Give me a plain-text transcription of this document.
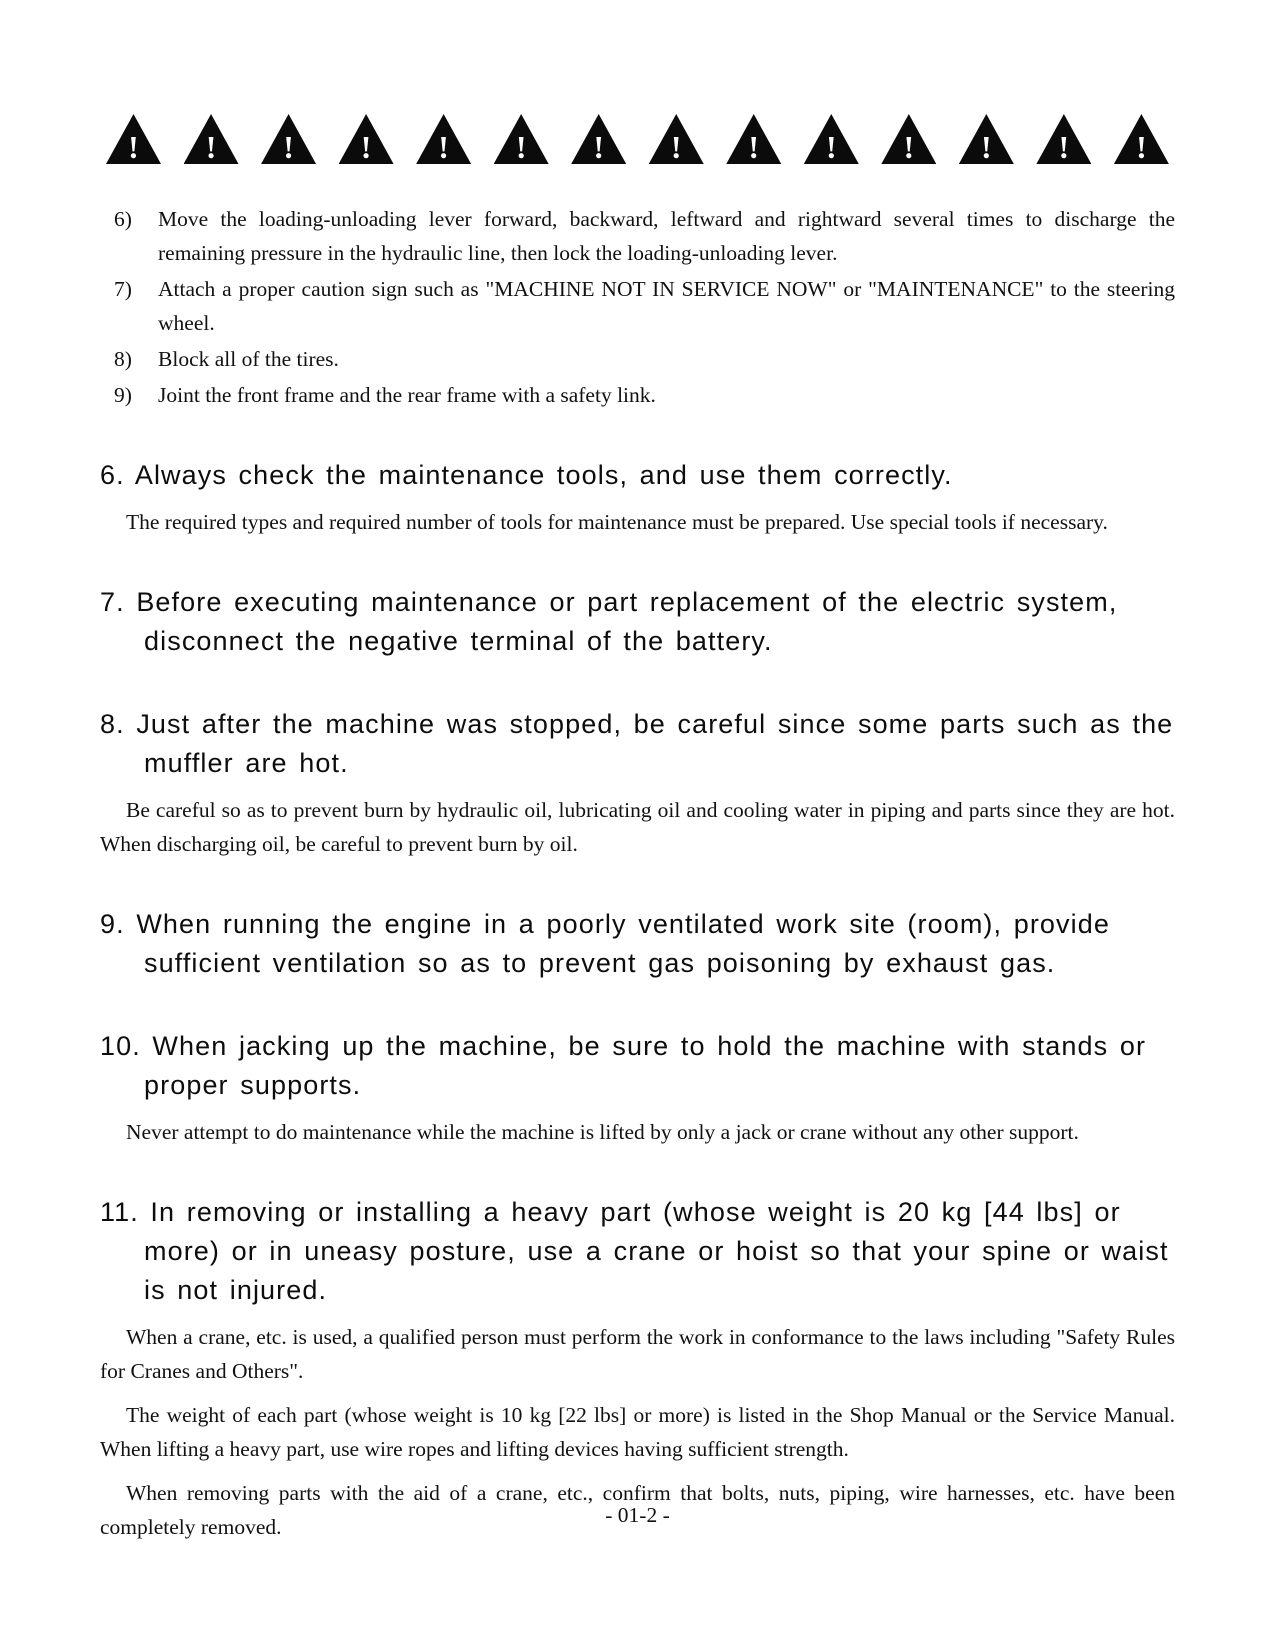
!
!
!
!
!
!
!
!
!
!
!
!
!
!
6) Move the loading-unloading lever forward, backward, leftward and rightward several times to discharge the remaining pressure in the hydraulic line, then lock the loading-unloading lever.
7) Attach a proper caution sign such as "MACHINE NOT IN SERVICE NOW" or "MAINTENANCE" to the steering wheel.
8) Block all of the tires.
9) Joint the front frame and the rear frame with a safety link.
6. Always check the maintenance tools, and use them correctly.

The required types and required number of tools for maintenance must be prepared. Use special tools if necessary.

7. Before executing maintenance or part replacement of the electric system, disconnect the negative terminal of the battery.
8. Just after the machine was stopped, be careful since some parts such as the muffler are hot.

Be careful so as to prevent burn by hydraulic oil, lubricating oil and cooling water in piping and parts since they are hot. When discharging oil, be careful to prevent burn by oil.

9. When running the engine in a poorly ventilated work site (room), provide sufficient ventilation so as to prevent gas poisoning by exhaust gas.
10. When jacking up the machine, be sure to hold the machine with stands or proper supports.

Never attempt to do maintenance while the machine is lifted by only a jack or crane without any other support.

11. In removing or installing a heavy part (whose weight is 20 kg [44 lbs] or more) or in uneasy posture, use a crane or hoist so that your spine or waist is not injured.

When a crane, etc. is used, a qualified person must perform the work in conformance to the laws including "Safety Rules for Cranes and Others".

The weight of each part (whose weight is 10 kg [22 lbs] or more) is listed in the Shop Manual or the Service Manual. When lifting a heavy part, use wire ropes and lifting devices having sufficient strength.

When removing parts with the aid of a crane, etc., confirm that bolts, nuts, piping, wire harnesses, etc. have been completely removed.	- 01-2 -
